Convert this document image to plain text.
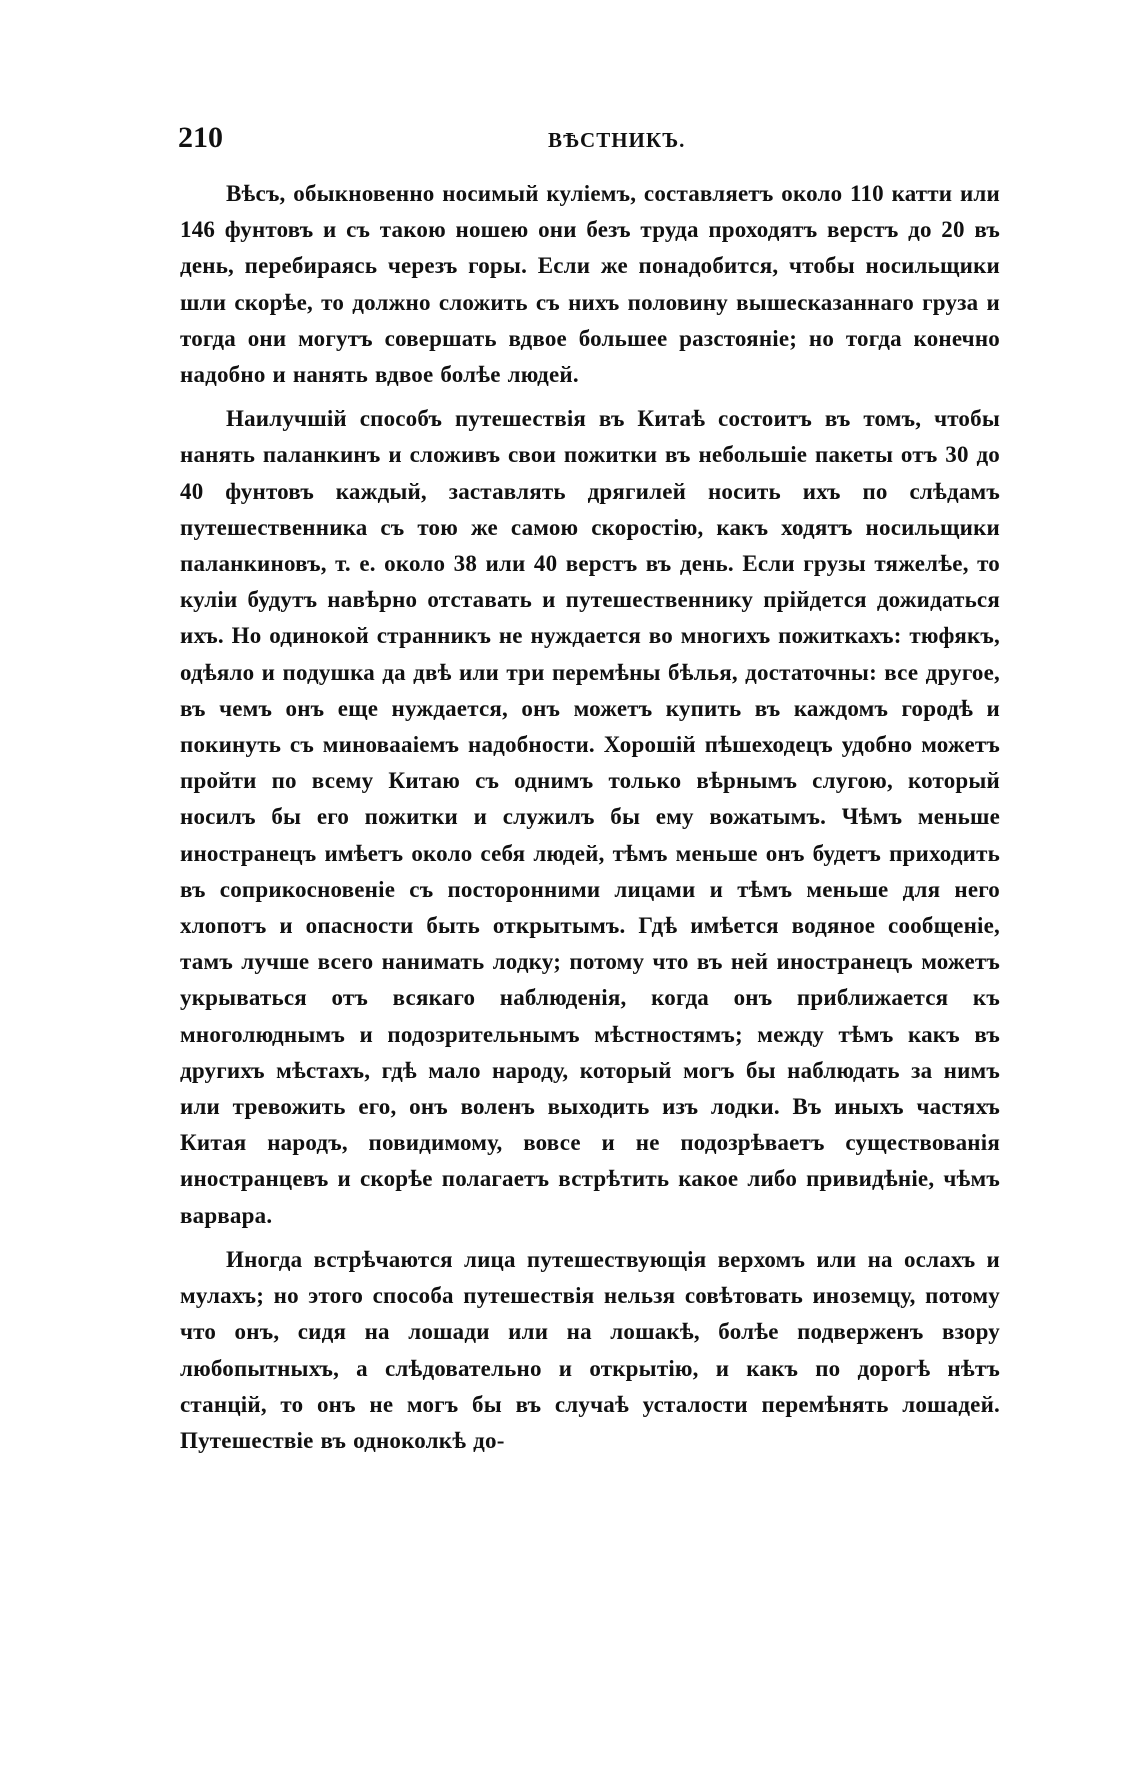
210	ВѢСТНИКЪ.

Вѣсъ, обыкновенно носимый куліемъ, составляетъ около 110 катти или 146 фунтовъ и съ такою ношею они безъ труда проходятъ верстъ до 20 въ день, перебираясь черезъ горы. Если же понадобится, чтобы носильщики шли скорѣе, то должно сложить съ нихъ половину вышесказаннаго груза и тогда они могутъ совершать вдвое большее разстояніе; но тогда конечно надобно и нанять вдвое болѣе людей.

Наилучшій способъ путешествія въ Китаѣ состоитъ въ томъ, чтобы нанять паланкинъ и сложивъ свои пожитки въ небольшіе пакеты отъ 30 до 40 фунтовъ каждый, заставлять дрягилей носить ихъ по слѣдамъ путешественника съ тою же самою скоростію, какъ ходятъ носильщики паланкиновъ, т. е. около 38 или 40 верстъ въ день. Если грузы тяжелѣе, то куліи будутъ навѣрно отставать и путешественнику прійдется дожидаться ихъ. Но одинокой странникъ не нуждается во многихъ пожиткахъ: тюфякъ, одѣяло и подушка да двѣ или три перемѣны бѣлья, достаточны: все другое, въ чемъ онъ еще нуждается, онъ можетъ купить въ каждомъ городѣ и покинуть съ миновааіемъ надобности. Хорошій пѣшеходецъ удобно можетъ пройти по всему Китаю съ однимъ только вѣрнымъ слугою, который носилъ бы его пожитки и служилъ бы ему вожатымъ. Чѣмъ меньше иностранецъ имѣетъ около себя людей, тѣмъ меньше онъ будетъ приходить въ соприкосновеніе съ посторонними лицами и тѣмъ меньше для него хлопотъ и опасности быть открытымъ. Гдѣ имѣется водяное сообщеніе, тамъ лучше всего нанимать лодку; потому что въ ней иностранецъ можетъ укрываться отъ всякаго наблюденія, когда онъ приближается къ многолюднымъ и подозрительнымъ мѣстностямъ; между тѣмъ какъ въ другихъ мѣстахъ, гдѣ мало народу, который могъ бы наблюдать за нимъ или тревожить его, онъ воленъ выходить изъ лодки. Въ иныхъ частяхъ Китая народъ, повидимому, вовсе и не подозрѣваетъ существованія иностранцевъ и скорѣе полагаетъ встрѣтить какое либо привидѣніе, чѣмъ варвара.

Иногда встрѣчаются лица путешествующія верхомъ или на ослахъ и мулахъ; но этого способа путешествія нельзя совѣтовать иноземцу, потому что онъ, сидя на лошади или на лошакѣ, болѣе подверженъ взору любопытныхъ, а слѣдовательно и открытію, и какъ по дорогѣ нѣтъ станцій, то онъ не могъ бы въ случаѣ усталости перемѣнять лошадей. Путешествіе въ одноколкѣ до-
